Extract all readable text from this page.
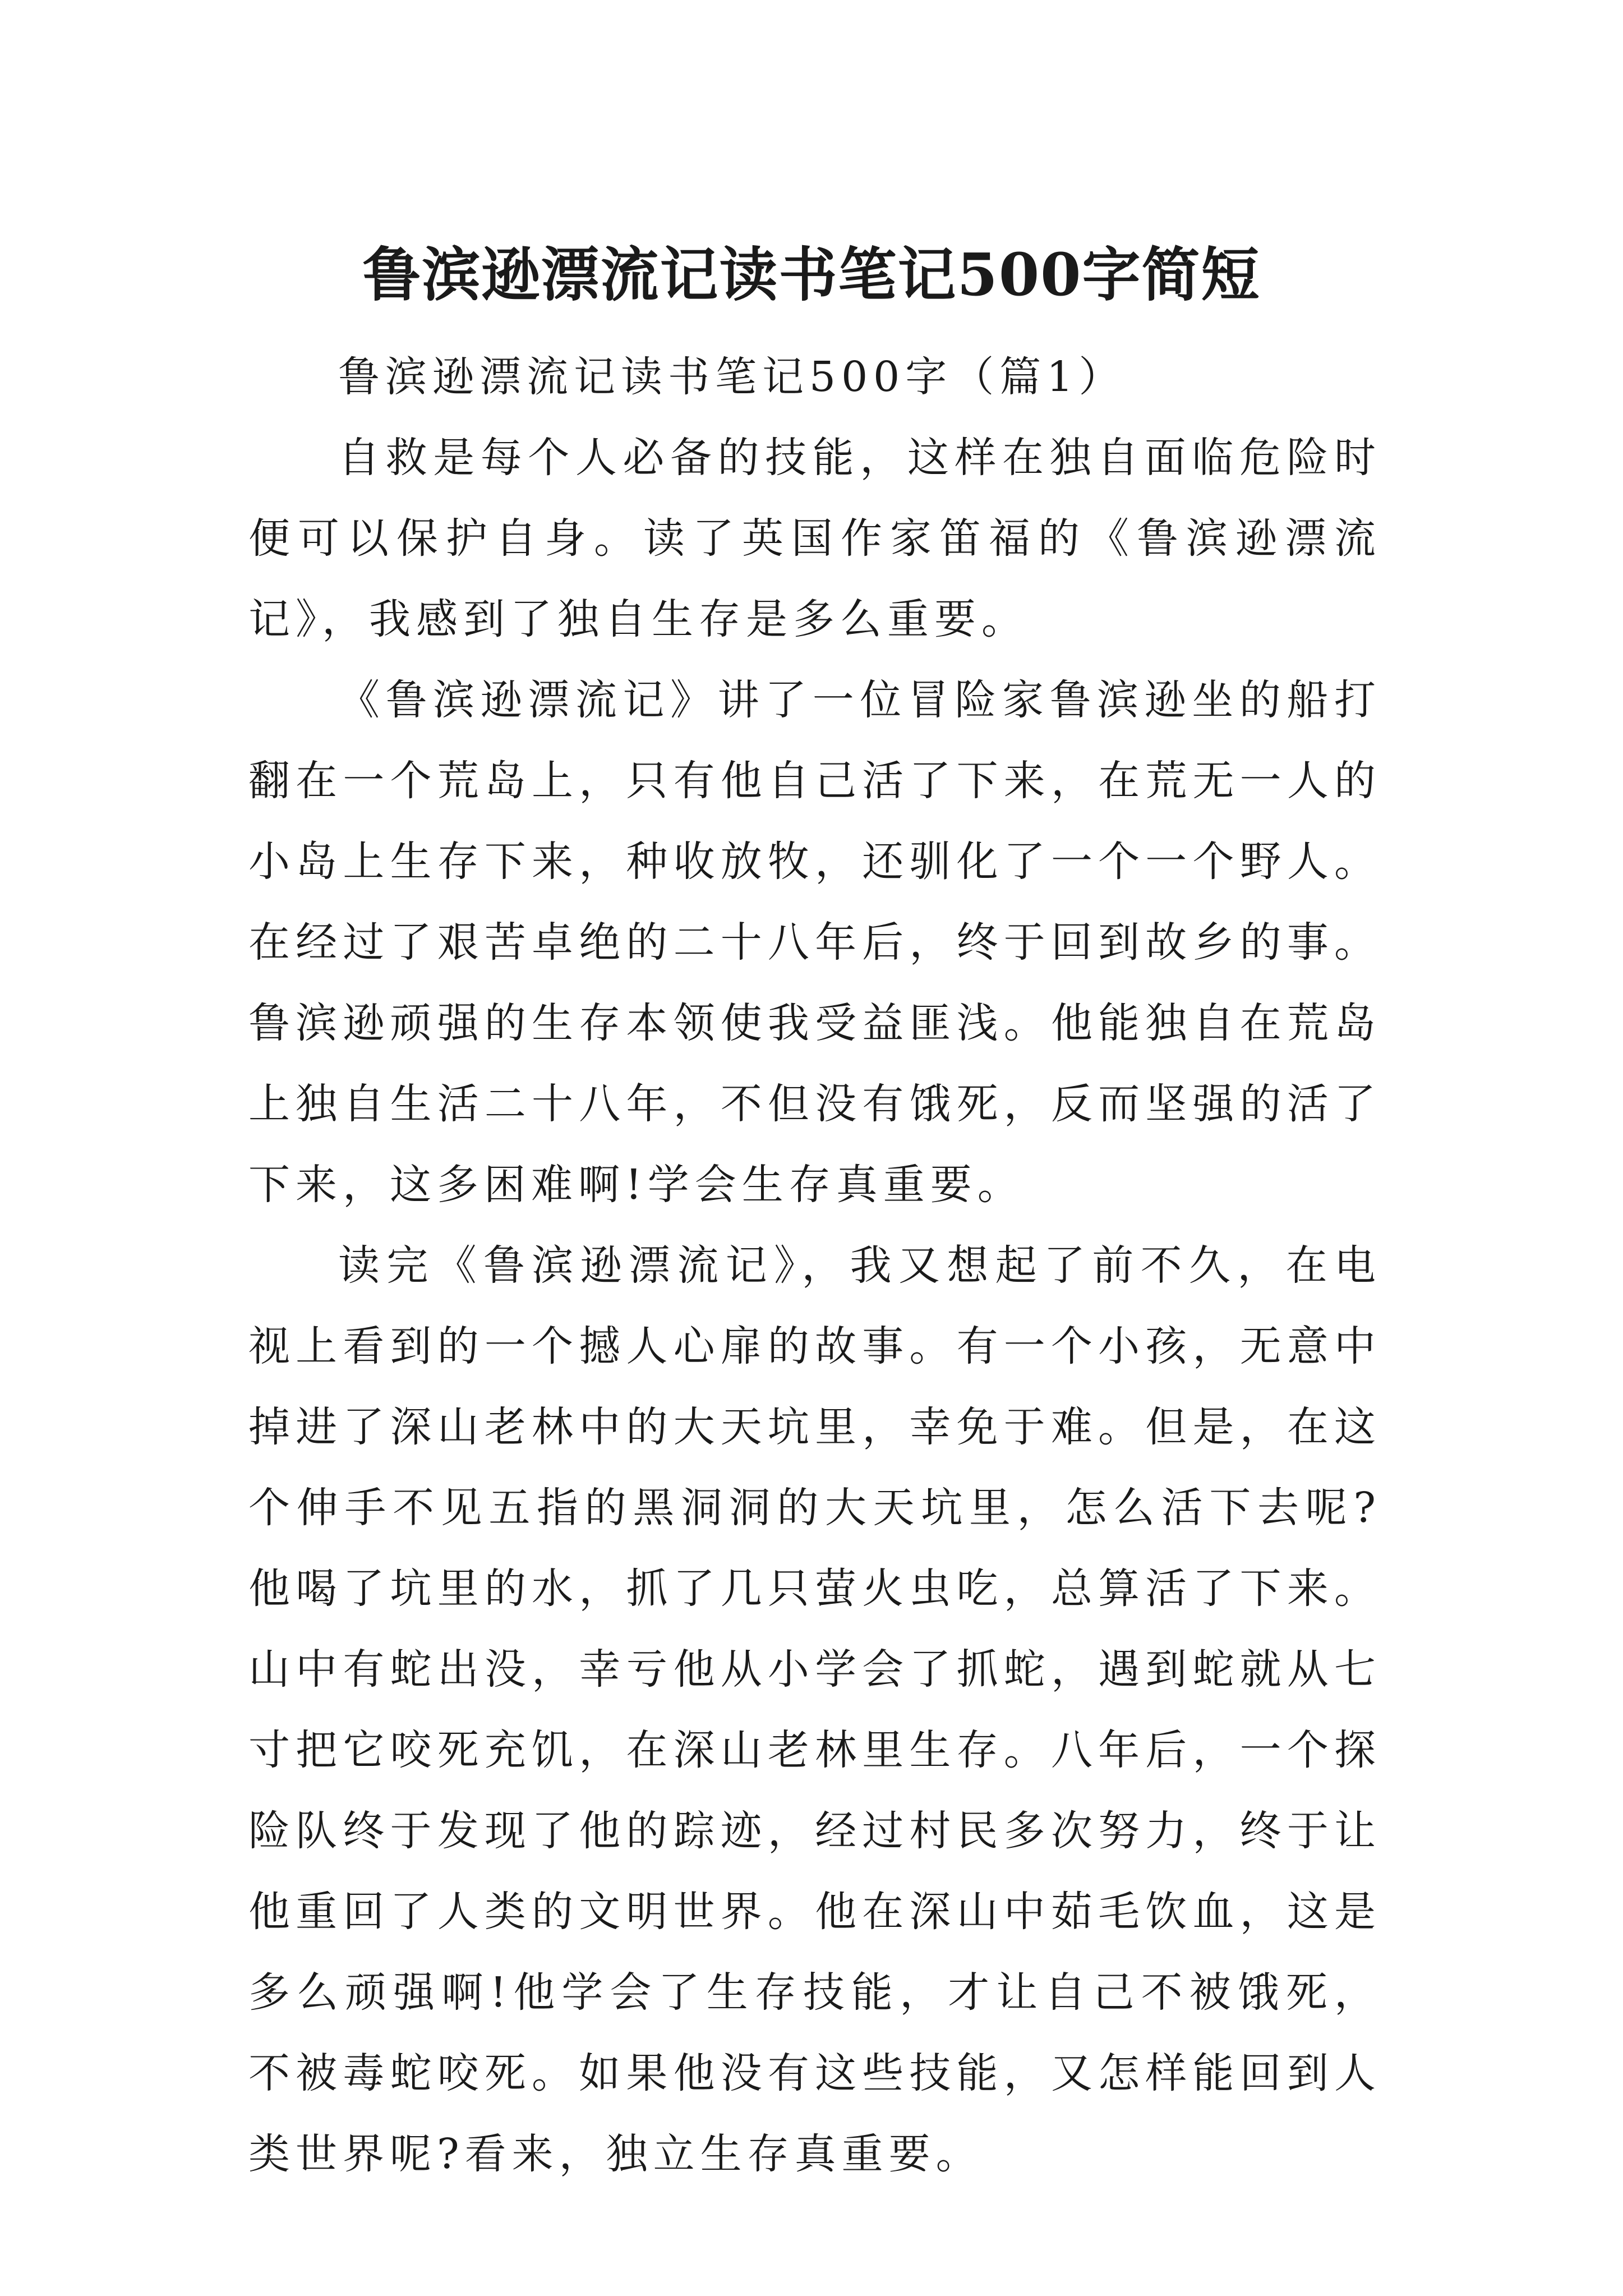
鲁滨逊漂流记读书笔记500字简短

鲁滨逊漂流记读书笔记500字（篇1）

自救是每个人必备的技能，这样在独自面临危险时便可以保护自身。读了英国作家笛福的《鲁滨逊漂流记》，我感到了独自生存是多么重要。

《鲁滨逊漂流记》讲了一位冒险家鲁滨逊坐的船打翻在一个荒岛上，只有他自己活了下来，在荒无一人的小岛上生存下来，种收放牧，还驯化了一个一个野人。在经过了艰苦卓绝的二十八年后，终于回到故乡的事。鲁滨逊顽强的生存本领使我受益匪浅。他能独自在荒岛上独自生活二十八年，不但没有饿死，反而坚强的活了下来，这多困难啊!学会生存真重要。

读完《鲁滨逊漂流记》，我又想起了前不久，在电视上看到的一个撼人心扉的故事。有一个小孩，无意中掉进了深山老林中的大天坑里，幸免于难。但是，在这个伸手不见五指的黑洞洞的大天坑里，怎么活下去呢?他喝了坑里的水，抓了几只萤火虫吃，总算活了下来。山中有蛇出没，幸亏他从小学会了抓蛇，遇到蛇就从七寸把它咬死充饥，在深山老林里生存。八年后，一个探险队终于发现了他的踪迹，经过村民多次努力，终于让他重回了人类的文明世界。他在深山中茹毛饮血，这是多么顽强啊!他学会了生存技能，才让自己不被饿死，不被毒蛇咬死。如果他没有这些技能，又怎样能回到人类世界呢?看来，独立生存真重要。
